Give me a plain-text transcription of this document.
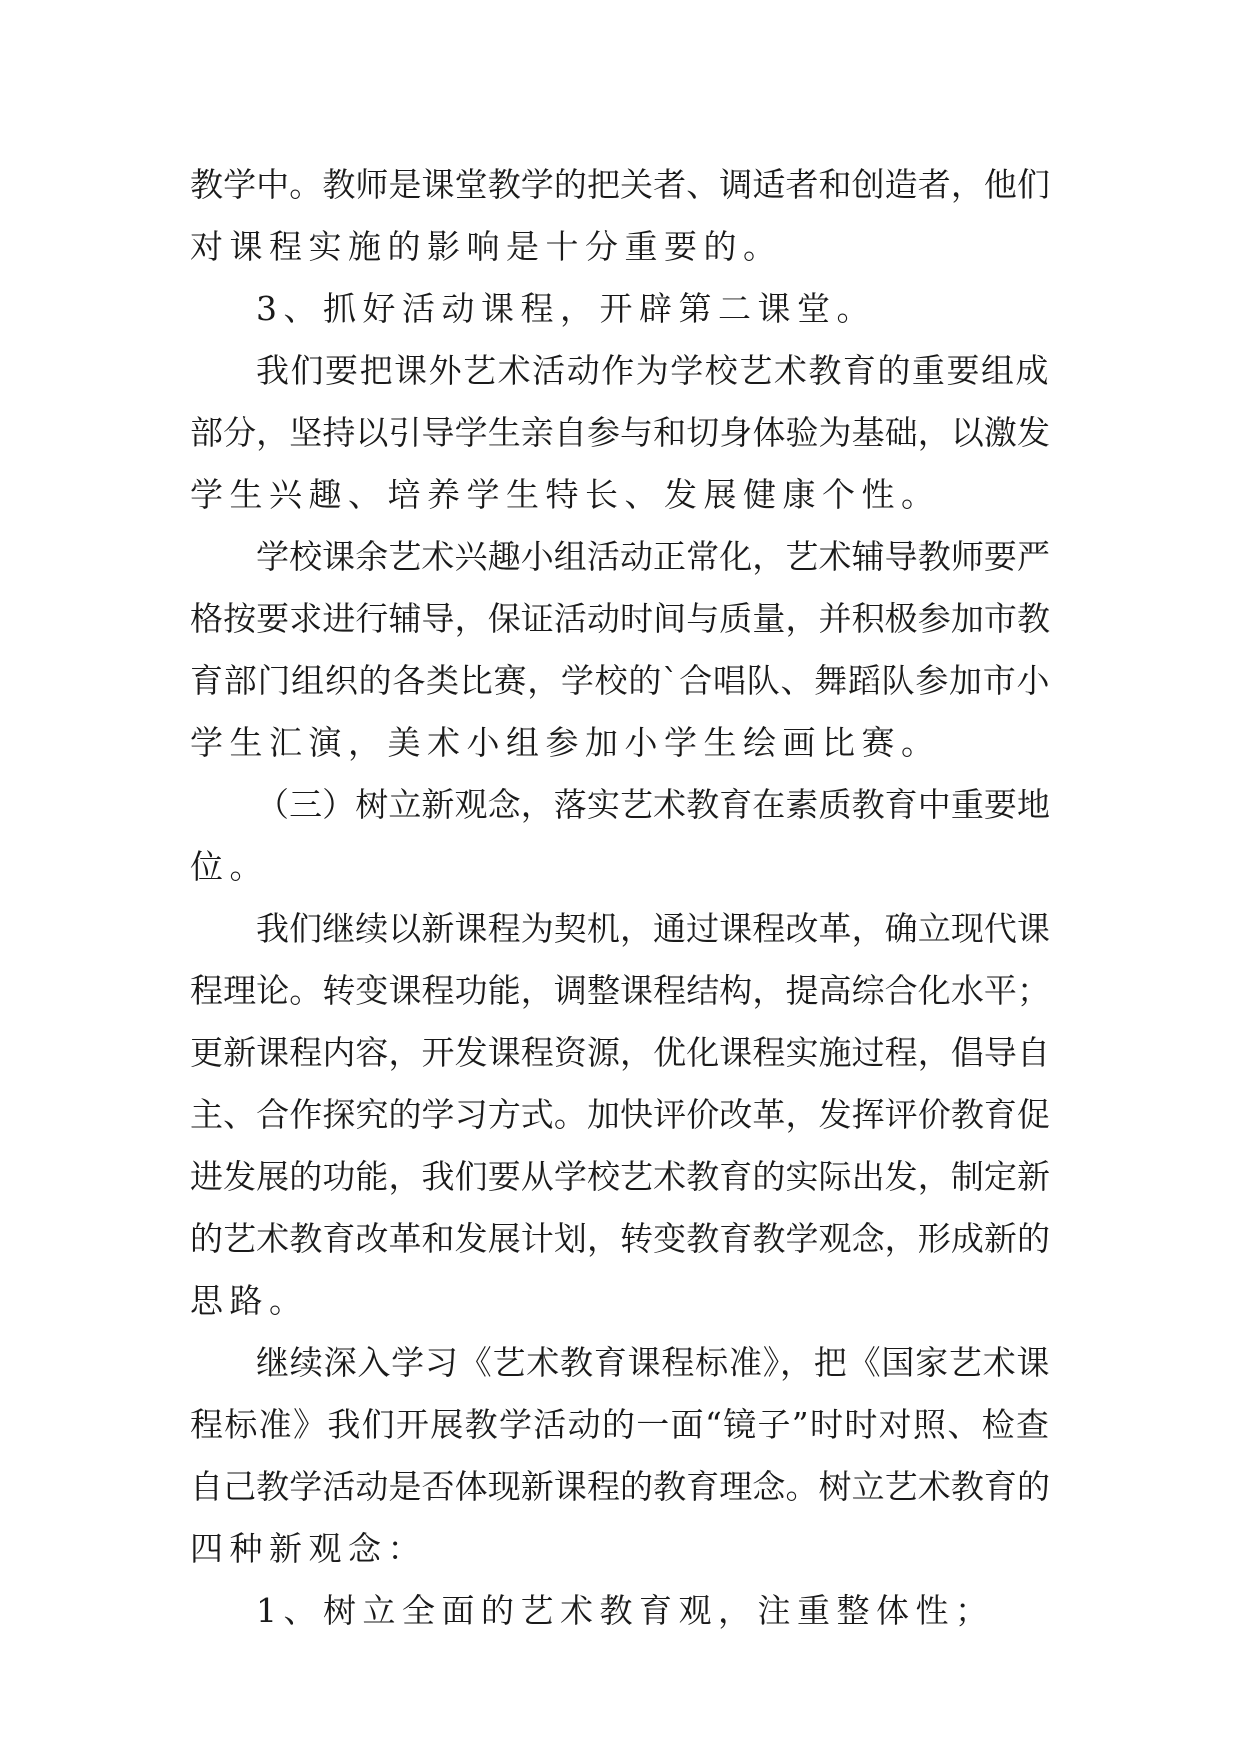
教学中。教师是课堂教学的把关者、调适者和创造者，他们
对课程实施的影响是十分重要的。
3、抓好活动课程，开辟第二课堂。
我们要把课外艺术活动作为学校艺术教育的重要组成
部分，坚持以引导学生亲自参与和切身体验为基础，以激发
学生兴趣、培养学生特长、发展健康个性。
学校课余艺术兴趣小组活动正常化，艺术辅导教师要严
格按要求进行辅导，保证活动时间与质量，并积极参加市教
育部门组织的各类比赛，学校的`合唱队、舞蹈队参加市小
学生汇演，美术小组参加小学生绘画比赛。
（三）树立新观念，落实艺术教育在素质教育中重要地
位。
我们继续以新课程为契机，通过课程改革，确立现代课
程理论。转变课程功能，调整课程结构，提高综合化水平；
更新课程内容，开发课程资源，优化课程实施过程，倡导自
主、合作探究的学习方式。加快评价改革，发挥评价教育促
进发展的功能，我们要从学校艺术教育的实际出发，制定新
的艺术教育改革和发展计划，转变教育教学观念，形成新的
思路。
继续深入学习《艺术教育课程标准》，把《国家艺术课
程标准》我们开展教学活动的一面“镜子”时时对照、检查
自己教学活动是否体现新课程的教育理念。树立艺术教育的
四种新观念：
1、树立全面的艺术教育观，注重整体性；
